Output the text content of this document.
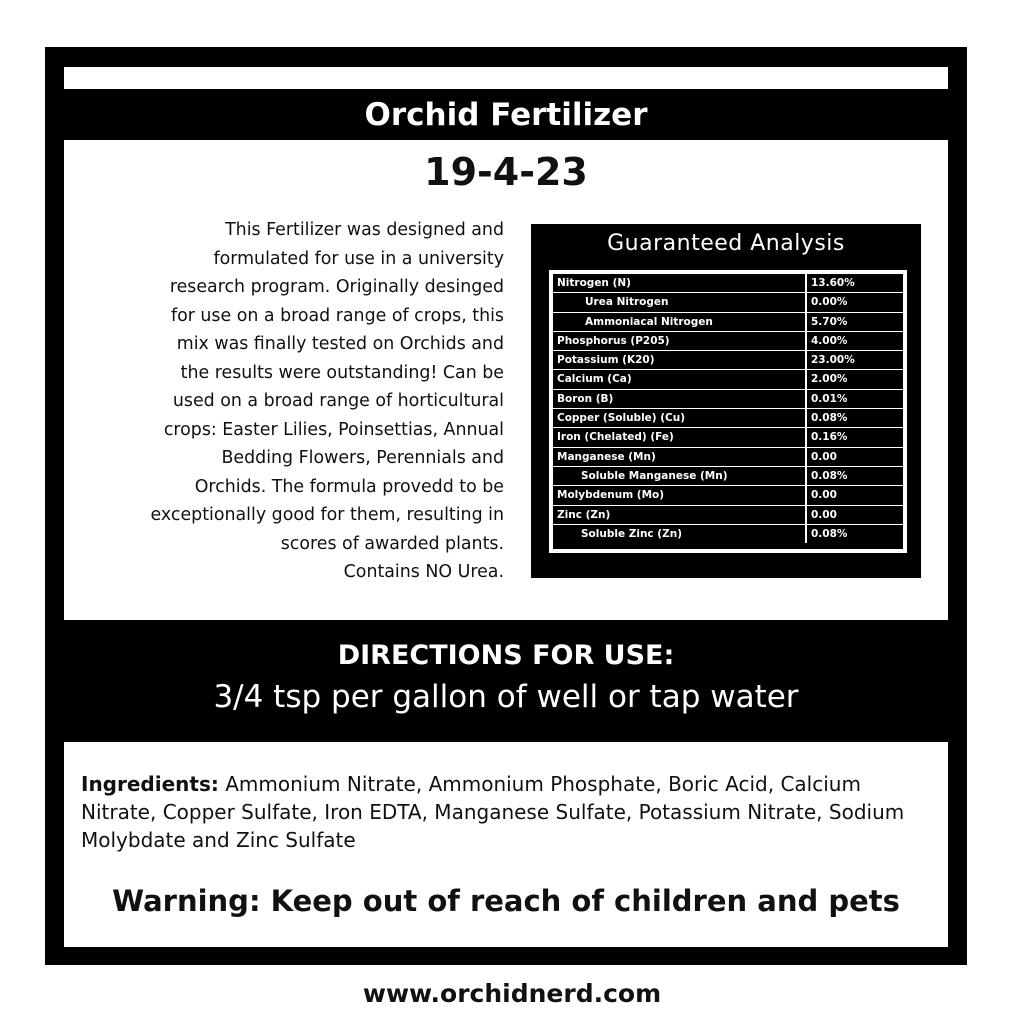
Orchid Fertilizer
19-4-23
This Fertilizer was designed and
formulated for use in a university
research program. Originally desinged
for use on a broad range of crops, this
mix was finally tested on Orchids and
the results were outstanding! Can be
used on a broad range of horticultural
crops: Easter Lilies, Poinsettias, Annual
Bedding Flowers, Perennials and
Orchids. The formula provedd to be
exceptionally good for them, resulting in
scores of awarded plants.
Contains NO Urea.
Guaranteed Analysis
Nitrogen (N)	13.60%
Urea Nitrogen	0.00%
Ammoniacal Nitrogen	5.70%
Phosphorus (P205)	4.00%
Potassium (K20)	23.00%
Calcium (Ca)	2.00%
Boron (B)	0.01%
Copper (Soluble) (Cu)	0.08%
Iron (Chelated) (Fe)	0.16%
Manganese (Mn)	0.00
Soluble Manganese (Mn)	0.08%
Molybdenum (Mo)	0.00
Zinc (Zn)	0.00
Soluble Zinc (Zn)	0.08%
DIRECTIONS FOR USE:
3/4 tsp per gallon of well or tap water
Ingredients: Ammonium Nitrate, Ammonium Phosphate, Boric Acid, Calcium Nitrate, Copper Sulfate, Iron EDTA, Manganese Sulfate, Potassium Nitrate, Sodium Molybdate and Zinc Sulfate
Warning: Keep out of reach of children and pets
www.orchidnerd.com
